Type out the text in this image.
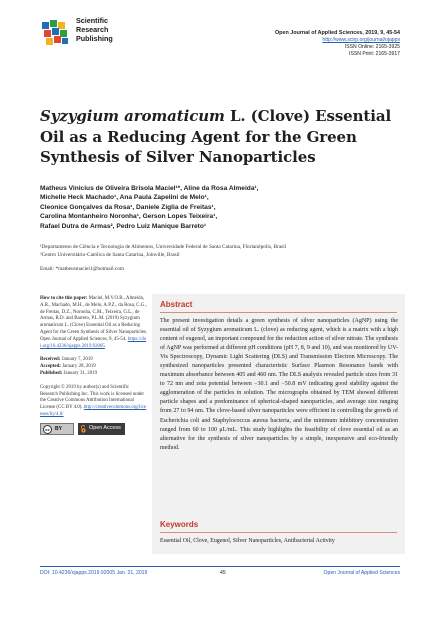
Scientific
Research
Publishing
Open Journal of Applied Sciences, 2019, 9, 45-54
http://www.scirp.org/journal/ojapps
ISSN Online: 2165-3925
ISSN Print: 2165-3917
Syzygium aromaticum L. (Clove) Essential Oil as a Reducing Agent for the Green Synthesis of Silver Nanoparticles
Matheus Vinicius de Oliveira Brisola Maciel¹*, Aline da Rosa Almeida¹,
Michelle Heck Machado¹, Ana Paula Zapelini de Melo¹,
Cleonice Gonçalves da Rosa¹, Daniele Zíglia de Freitas¹,
Carolina Montanheiro Noronha¹, Gerson Lopes Teixeira¹,
Rafael Dutra de Armas², Pedro Luiz Manique Barreto¹
¹Departamento de Ciência e Tecnologia de Alimentos, Universidade Federal de Santa Catarina, Florianópolis, Brasil
²Centro Universitário-Católica de Santa Catarina, Joinville, Brasil
Email: *matheusmaciel1@hotmail.com
How to cite this paper: Maciel, M.V.O.B., Almeida, A.R., Machado, M.H., de Melo, A.P.Z., da Rosa, C.G., de Freitas, D.Z., Noronha, C.M., Teixeira, G.L., de Armas, R.D. and Barreto, P.L.M. (2019) Syzygium aromaticum L. (Clove) Essential Oil as a Reducing Agent for the Green Synthesis of Silver Nanoparticles. Open Journal of Applied Sciences, 9, 45-54. https://doi.org/10.4236/ojapps.2019.92005
Received: January 7, 2019
Accepted: January 28, 2019
Published: January 31, 2019
Copyright © 2019 by author(s) and Scientific Research Publishing Inc. This work is licensed under the Creative Commons Attribution International License (CC BY 4.0). http://creativecommons.org/licenses/by/4.0/
cc	BY	Open Access
Abstract

The present investigation details a green synthesis of silver nanoparticles (AgNP) using the essential oil of Syzygium aromaticum L. (clove) as reducing agent, which is a matrix with a high content of eugenol, an important compound for the reduction action of silver nitrate. The synthesis of AgNP was performed at different pH conditions (pH 7, 8, 9 and 10), and was monitored by UV-Vis Spectroscopy, Dynamic Light Scattering (DLS) and Transmission Electron Microscopy. The synthesized nanoparticles presented characteristic Surface Plasmon Resonance bands with maximum absorbance between 405 and 460 nm. The DLS analysis revealed particle sizes from 31 to 72 nm and zeta potential between −30.1 and −50.8 mV indicating good stability against the agglomeration of the particles in solution. The micrographs obtained by TEM showed different particle shapes and a predominance of spherical-shaped nanoparticles, and average size ranging from 27 to 94 nm. The clove-based silver nanoparticles were efficient in controlling the growth of Escherichia coli and Staphylococcus aureus bacteria, and the minimum inhibitory concentration ranged from 60 to 100 μL/mL. This study highlights the feasibility of clove essential oil as an alternative for the synthesis of silver nanoparticles by a simple, inexpensive and eco-friendly method.

Keywords

Essential Oil, Clove, Eugenol, Silver Nanoparticles, Antibacterial Activity

DOI: 10.4236/ojapps.2019.92005 Jan. 31, 2019	45	Open Journal of Applied Sciences
